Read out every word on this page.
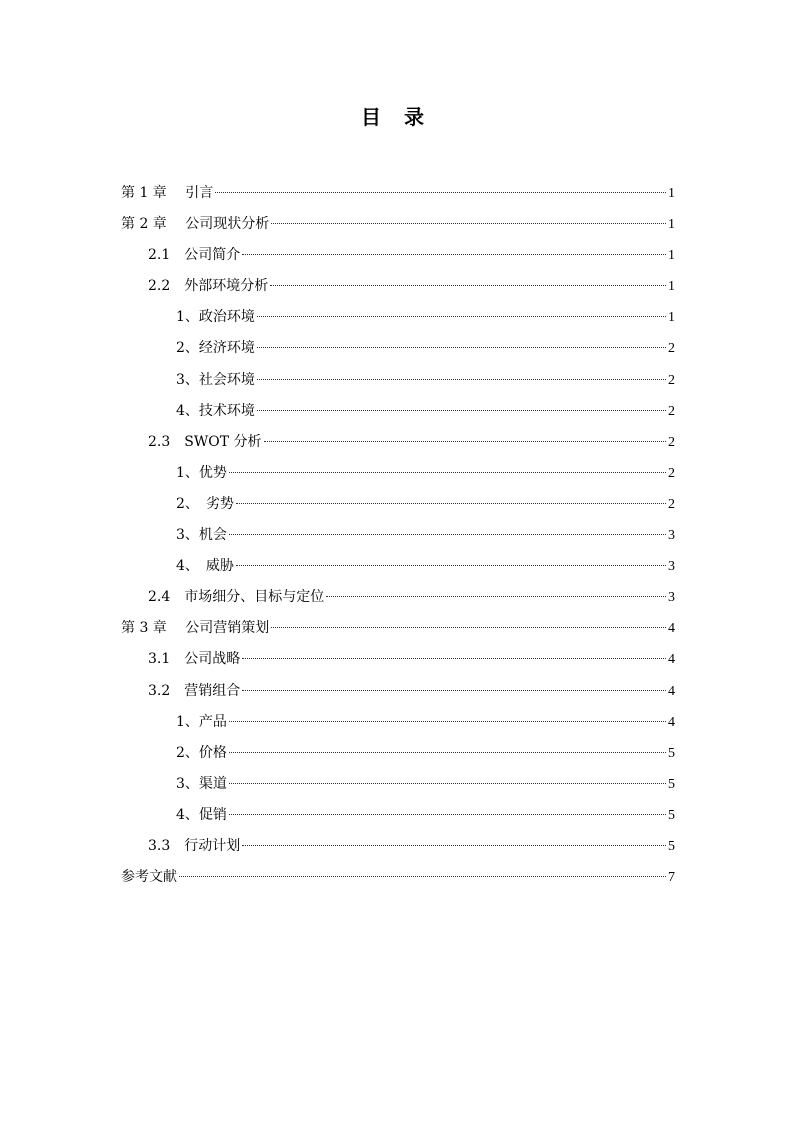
目 录
第 1 章　 引言	1
第 2 章　 公司现状分析	1
2.1　公司简介	1
2.2　外部环境分析	1
1、政治环境	1
2、经济环境	2
3、社会环境	2
4、技术环境	2
2.3　SWOT 分析	2
1、优势	2
2、　劣势	2
3、机会	3
4、　威胁	3
2.4　市场细分、目标与定位	3
第 3 章　 公司营销策划	4
3.1　公司战略	4
3.2　营销组合	4
1、产品	4
2、价格	5
3、渠道	5
4、促销	5
3.3　行动计划	5
参考文献	7
